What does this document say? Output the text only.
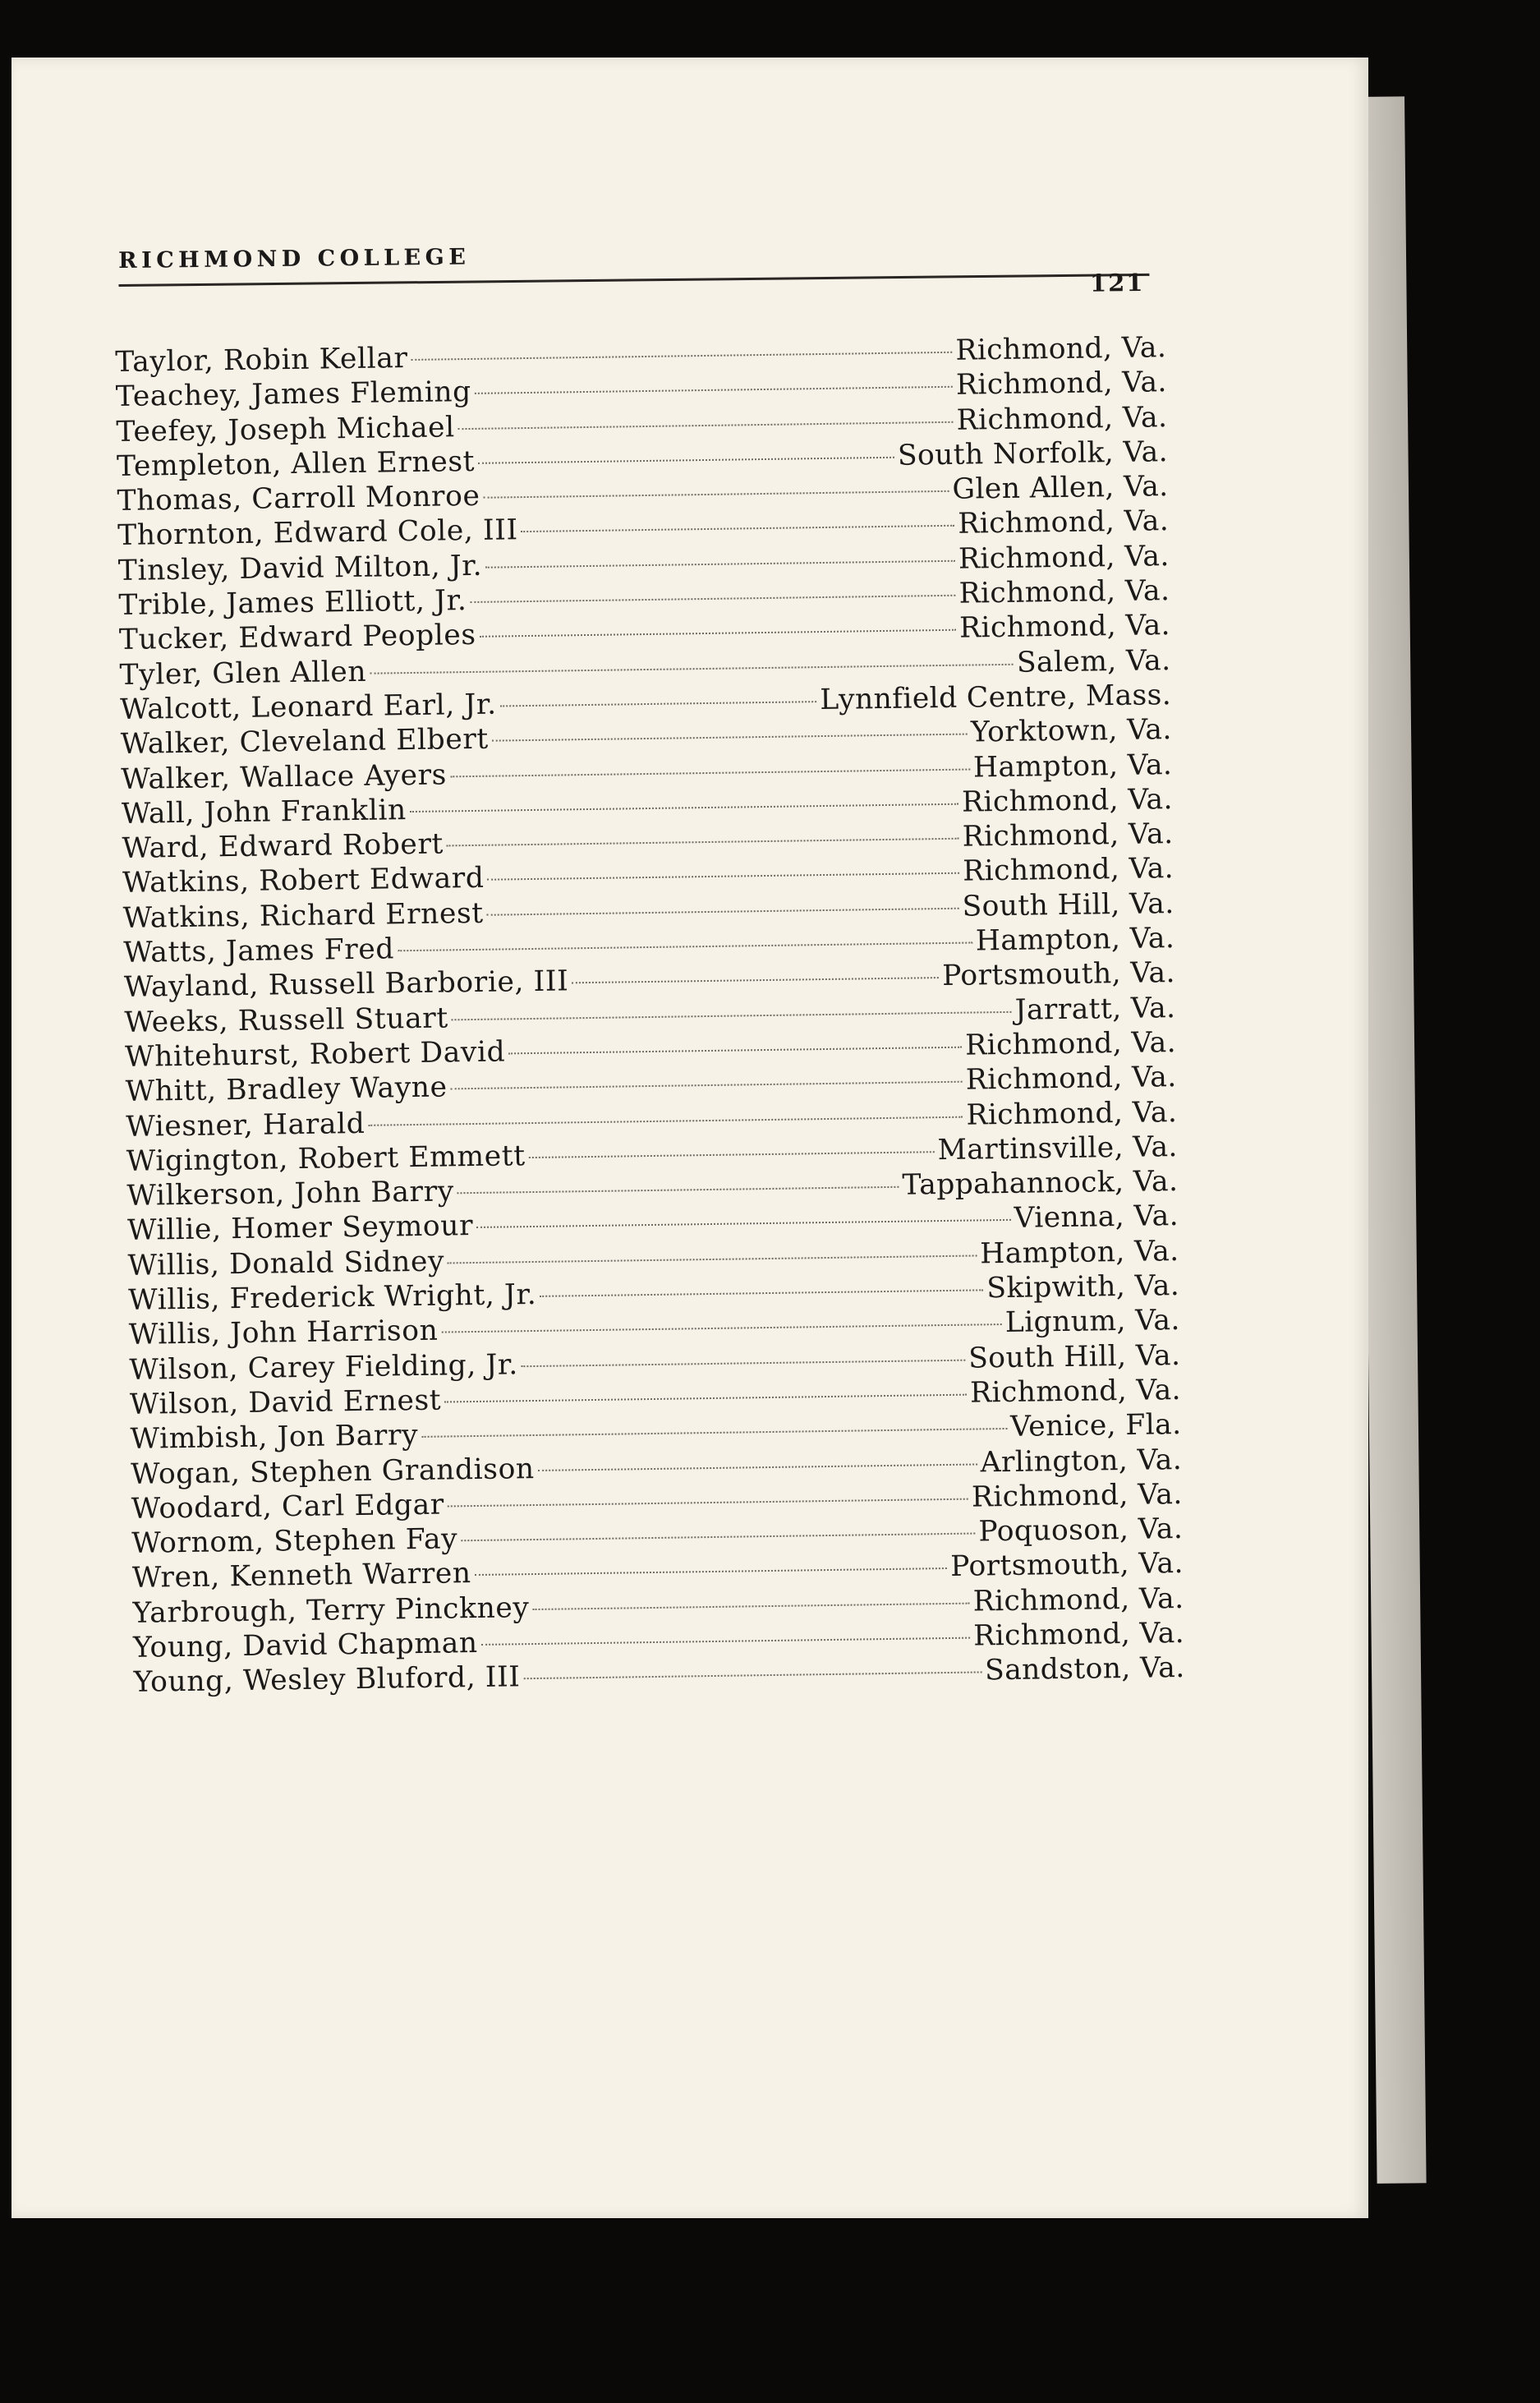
RICHMOND COLLEGE
121
Taylor, Robin Kellar	Richmond, Va.
Teachey, James Fleming	Richmond, Va.
Teefey, Joseph Michael	Richmond, Va.
Templeton, Allen Ernest	South Norfolk, Va.
Thomas, Carroll Monroe	Glen Allen, Va.
Thornton, Edward Cole, III	Richmond, Va.
Tinsley, David Milton, Jr.	Richmond, Va.
Trible, James Elliott, Jr.	Richmond, Va.
Tucker, Edward Peoples	Richmond, Va.
Tyler, Glen Allen	Salem, Va.
Walcott, Leonard Earl, Jr.	Lynnfield Centre, Mass.
Walker, Cleveland Elbert	Yorktown, Va.
Walker, Wallace Ayers	Hampton, Va.
Wall, John Franklin	Richmond, Va.
Ward, Edward Robert	Richmond, Va.
Watkins, Robert Edward	Richmond, Va.
Watkins, Richard Ernest	South Hill, Va.
Watts, James Fred	Hampton, Va.
Wayland, Russell Barborie, III	Portsmouth, Va.
Weeks, Russell Stuart	Jarratt, Va.
Whitehurst, Robert David	Richmond, Va.
Whitt, Bradley Wayne	Richmond, Va.
Wiesner, Harald	Richmond, Va.
Wigington, Robert Emmett	Martinsville, Va.
Wilkerson, John Barry	Tappahannock, Va.
Willie, Homer Seymour	Vienna, Va.
Willis, Donald Sidney	Hampton, Va.
Willis, Frederick Wright, Jr.	Skipwith, Va.
Willis, John Harrison	Lignum, Va.
Wilson, Carey Fielding, Jr.	South Hill, Va.
Wilson, David Ernest	Richmond, Va.
Wimbish, Jon Barry	Venice, Fla.
Wogan, Stephen Grandison	Arlington, Va.
Woodard, Carl Edgar	Richmond, Va.
Wornom, Stephen Fay	Poquoson, Va.
Wren, Kenneth Warren	Portsmouth, Va.
Yarbrough, Terry Pinckney	Richmond, Va.
Young, David Chapman	Richmond, Va.
Young, Wesley Bluford, III	Sandston, Va.
